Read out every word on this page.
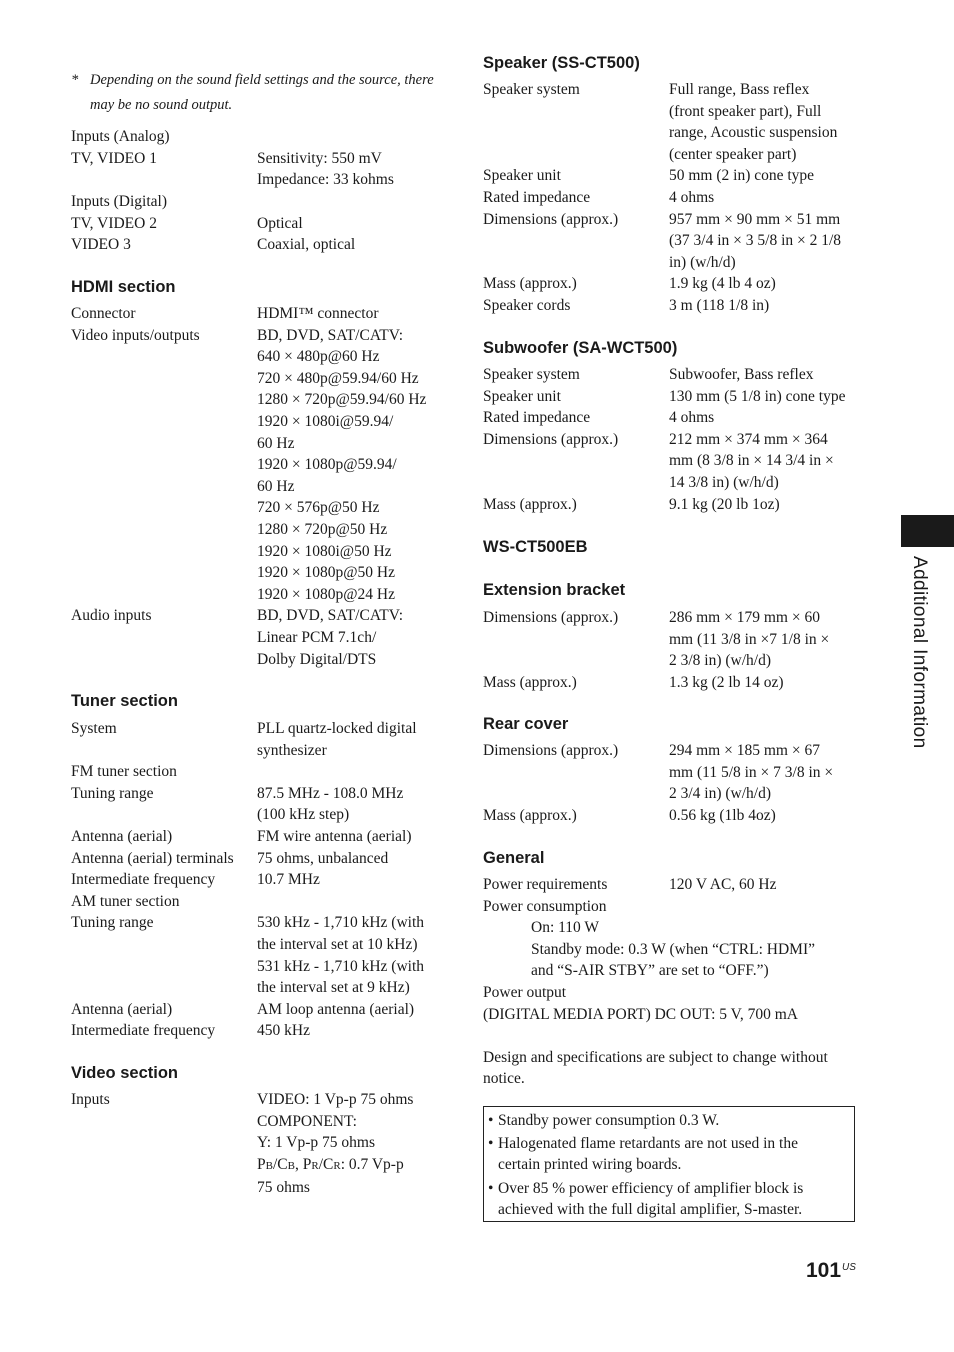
Additional Information
* Depending on the sound field settings and the source, there may be no sound output.
Inputs (Analog)
TV, VIDEO 1	Sensitivity: 550 mV
Impedance: 33 kohms
Inputs (Digital)
TV, VIDEO 2	Optical
VIDEO 3	Coaxial, optical
HDMI section
Connector	HDMI™ connector
Video inputs/outputs	BD, DVD, SAT/CATV:
640 × 480p@60 Hz
720 × 480p@59.94/60 Hz
1280 × 720p@59.94/60 Hz
1920 × 1080i@59.94/
60 Hz
1920 × 1080p@59.94/
60 Hz
720 × 576p@50 Hz
1280 × 720p@50 Hz
1920 × 1080i@50 Hz
1920 × 1080p@50 Hz
1920 × 1080p@24 Hz
Audio inputs	BD, DVD, SAT/CATV:
Linear PCM 7.1ch/
Dolby Digital/DTS
Tuner section
System	PLL quartz-locked digital
synthesizer
FM tuner section
Tuning range	87.5 MHz - 108.0 MHz
(100 kHz step)
Antenna (aerial)	FM wire antenna (aerial)
Antenna (aerial) terminals	75 ohms, unbalanced
Intermediate frequency	10.7 MHz
AM tuner section
Tuning range	530 kHz - 1,710 kHz (with
the interval set at 10 kHz)
531 kHz - 1,710 kHz (with
the interval set at 9 kHz)
Antenna (aerial)	AM loop antenna (aerial)
Intermediate frequency	450 kHz
Video section
Inputs	VIDEO: 1 Vp-p 75 ohms
COMPONENT:
Y: 1 Vp-p 75 ohms
PB/CB, PR/CR: 0.7 Vp-p
75 ohms
Speaker (SS-CT500)
Speaker system	Full range, Bass reflex
(front speaker part), Full
range, Acoustic suspension
(center speaker part)
Speaker unit	50 mm (2 in) cone type
Rated impedance	4 ohms
Dimensions (approx.)	957 mm × 90 mm × 51 mm
(37 3/4 in × 3 5/8 in × 2 1/8
in) (w/h/d)
Mass (approx.)	1.9 kg (4 lb 4 oz)
Speaker cords	3 m (118 1/8 in)
Subwoofer (SA-WCT500)
Speaker system	Subwoofer, Bass reflex
Speaker unit	130 mm (5 1/8 in) cone type
Rated impedance	4 ohms
Dimensions (approx.)	212 mm × 374 mm × 364
mm (8 3/8 in × 14 3/4 in ×
14 3/8 in) (w/h/d)
Mass (approx.)	9.1 kg (20 lb 1oz)
WS-CT500EB
Extension bracket
Dimensions (approx.)	286 mm × 179 mm × 60
mm (11 3/8 in ×7 1/8 in ×
2 3/8 in) (w/h/d)
Mass (approx.)	1.3 kg (2 lb 14 oz)
Rear cover
Dimensions (approx.)	294 mm × 185 mm × 67
mm (11 5/8 in × 7 3/8 in ×
2 3/4 in) (w/h/d)
Mass (approx.)	0.56 kg (1lb 4oz)
General
Power requirements	120 V AC, 60 Hz
Power consumption
On: 110 W
Standby mode: 0.3 W (when “CTRL: HDMI”
and “S-AIR STBY” are set to “OFF.”)
Power output
(DIGITAL MEDIA PORT) DC OUT: 5 V, 700 mA
Design and specifications are subject to change without
notice.
• Standby power consumption 0.3 W.
• Halogenated flame retardants are not used in the
certain printed wiring boards.
• Over 85 % power efficiency of amplifier block is
achieved with the full digital amplifier, S-master.
101 US
